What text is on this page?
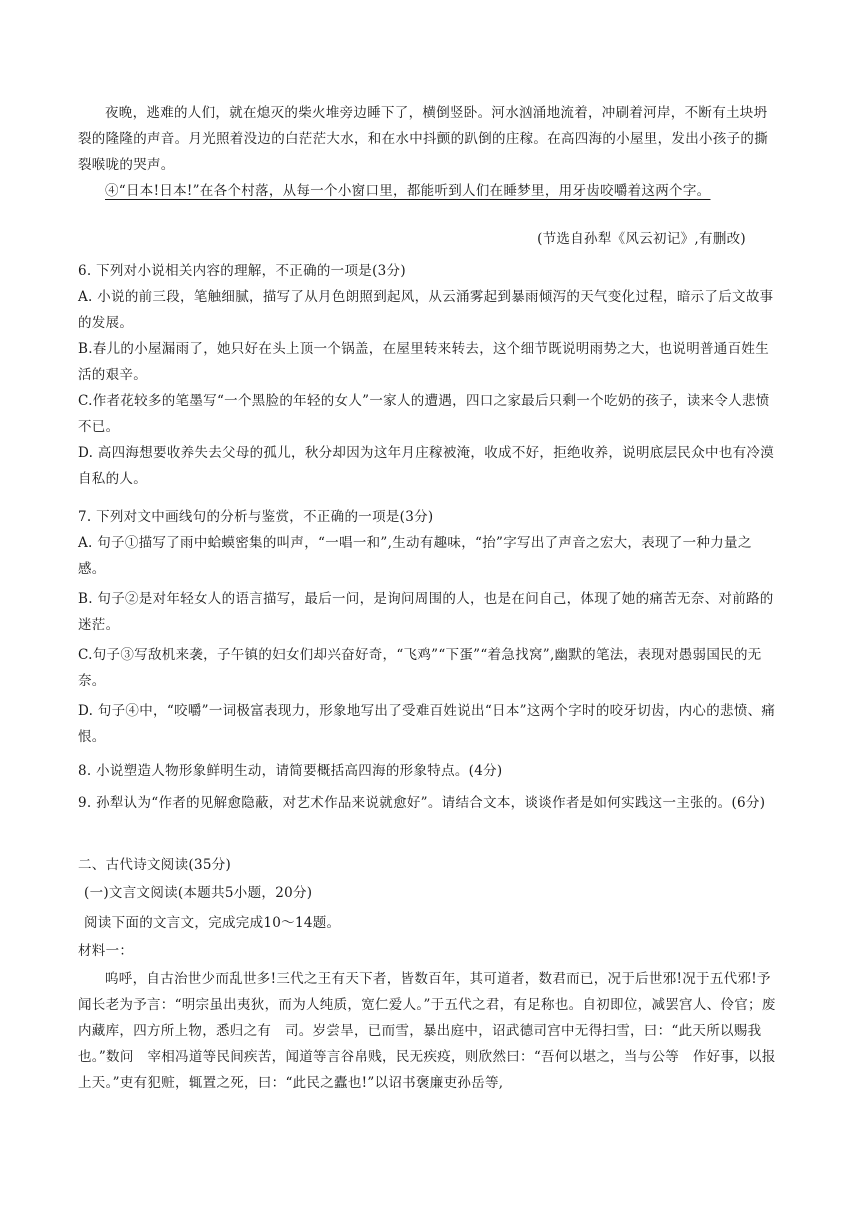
夜晚，逃难的人们，就在熄灭的柴火堆旁边睡下了，横倒竖卧。河水汹涌地流着，冲刷着河岸，不断有土块坍裂的隆隆的声音。月光照着没边的白茫茫大水，和在水中抖颤的趴倒的庄稼。在高四海的小屋里，发出小孩子的撕裂喉咙的哭声。

④“日本!日本!”在各个村落，从每一个小窗口里，都能听到人们在睡梦里，用牙齿咬嚼着这两个字。

(节选自孙犁《风云初记》,有删改)

6. 下列对小说相关内容的理解，不正确的一项是(3分)

A. 小说的前三段，笔触细腻，描写了从月色朗照到起风，从云涌雾起到暴雨倾泻的天气变化过程，暗示了后文故事的发展。

B.春儿的小屋漏雨了，她只好在头上顶一个锅盖，在屋里转来转去，这个细节既说明雨势之大，也说明普通百姓生活的艰辛。

C.作者花较多的笔墨写“一个黑脸的年轻的女人”一家人的遭遇，四口之家最后只剩一个吃奶的孩子，读来令人悲愤不已。

D. 高四海想要收养失去父母的孤儿，秋分却因为这年月庄稼被淹，收成不好，拒绝收养，说明底层民众中也有冷漠自私的人。

7. 下列对文中画线句的分析与鉴赏，不正确的一项是(3分)

A. 句子①描写了雨中蛤蟆密集的叫声，“一唱一和”,生动有趣味，“抬”字写出了声音之宏大，表现了一种力量之感。

B. 句子②是对年轻女人的语言描写，最后一问，是询问周围的人，也是在问自己，体现了她的痛苦无奈、对前路的迷茫。

C.句子③写敌机来袭，子午镇的妇女们却兴奋好奇，“飞鸡”“下蛋”“着急找窝”,幽默的笔法，表现对愚弱国民的无奈。

D. 句子④中，“咬嚼”一词极富表现力，形象地写出了受难百姓说出“日本”这两个字时的咬牙切齿，内心的悲愤、痛恨。

8. 小说塑造人物形象鲜明生动，请简要概括高四海的形象特点。(4分)

9. 孙犁认为“作者的见解愈隐蔽，对艺术作品来说就愈好”。请结合文本，谈谈作者是如何实践这一主张的。(6分)

二、古代诗文阅读(35分)

(一)文言文阅读(本题共5小题，20分)

阅读下面的文言文，完成完成10～14题。

材料一：

呜呼，自古治世少而乱世多!三代之王有天下者，皆数百年，其可道者，数君而已，况于后世邪!况于五代邪!予闻长老为予言：“明宗虽出夷狄，而为人纯质，宽仁爱人。”于五代之君，有足称也。自初即位，减罢宫人、伶官；废内藏库，四方所上物，悉归之有　司。岁尝旱，已而雪，暴出庭中，诏武德司宫中无得扫雪，曰：“此天所以赐我也。”数问　宰相冯道等民间疾苦，闻道等言谷帛贱，民无疾疫，则欣然曰：“吾何以堪之，当与公等　作好事，以报上天。”吏有犯赃，辄置之死，曰：“此民之蠹也!”以诏书褒廉吏孙岳等,
